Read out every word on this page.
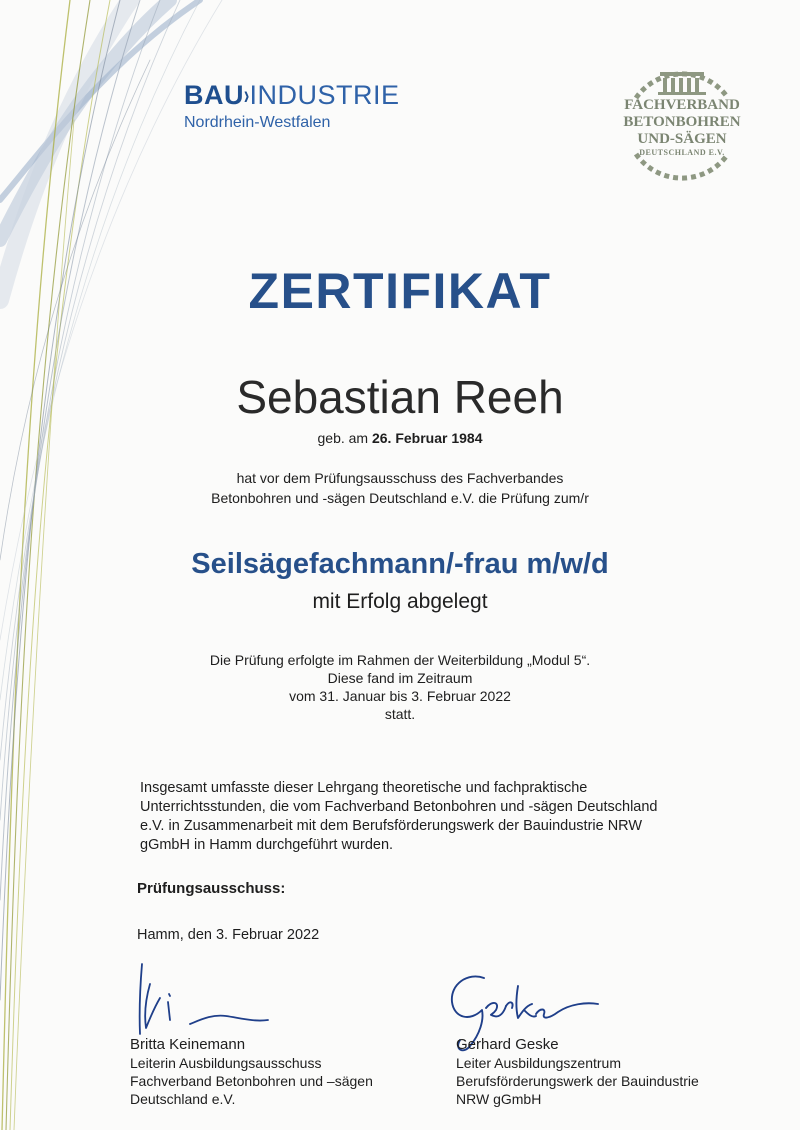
BAU›INDUSTRIE
Nordrhein-Westfalen
FACHVERBAND
BETONBOHREN
UND-SÄGEN
DEUTSCHLAND E.V.
ZERTIFIKAT
Sebastian Reeh
geb. am 26. Februar 1984
hat vor dem Prüfungsausschuss des Fachverbandes
Betonbohren und -sägen Deutschland e.V. die Prüfung zum/r
Seilsägefachmann/-frau m/w/d
mit Erfolg abgelegt
Die Prüfung erfolgte im Rahmen der Weiterbildung „Modul 5“.
Diese fand im Zeitraum
vom 31. Januar bis 3. Februar 2022
statt.
Insgesamt umfasste dieser Lehrgang theoretische und fachpraktische
Unterrichtsstunden, die vom Fachverband Betonbohren und -sägen Deutschland
e.V. in Zusammenarbeit mit dem Berufsförderungswerk der Bauindustrie NRW
gGmbH in Hamm durchgeführt wurden.
Prüfungsausschuss:
Hamm, den 3. Februar 2022
Britta Keinemann
Leiterin Ausbildungsausschuss
Fachverband Betonbohren und –sägen
Deutschland e.V.
Gerhard Geske
Leiter Ausbildungszentrum
Berufsförderungswerk der Bauindustrie
NRW gGmbH
